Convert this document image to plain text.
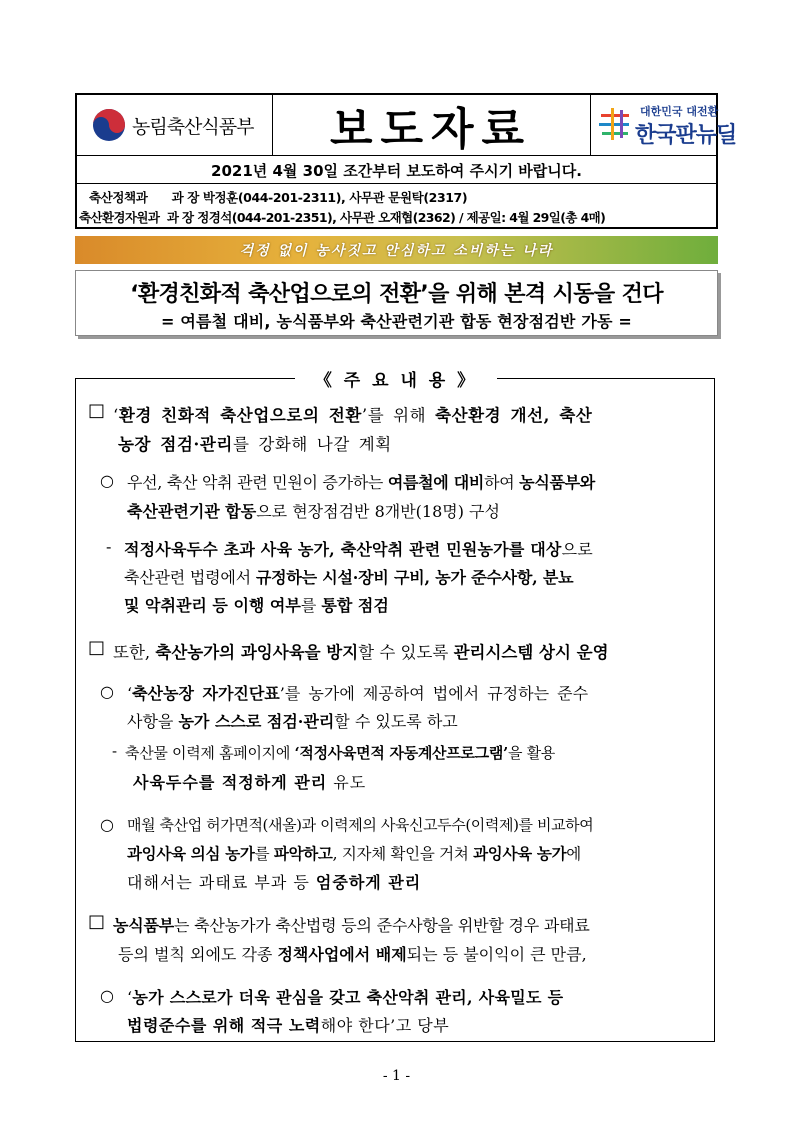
농림축산식품부 보도자료	대한민국 대전환
한국판뉴딜
2021년 4월 30일 조간부터 보도하여 주시기 바랍니다.
축산정책과　　과 장 박정훈(044-201-2311), 사무관 문원탁(2317)
축산환경자원과  과 장 정경석(044-201-2351), 사무관 오재협(2362) / 제공일: 4월 29일(총 4매)
걱정 없이 농사짓고 안심하고 소비하는 나라
‘환경친화적 축산업으로의 전환’을 위해 본격 시동을 건다
= 여름철 대비, 농식품부와 축산관련기관 합동 현장점검반 가동 =
《 주 요 내 용 》
□ ‘환경 친화적 축산업으로의 전환’를 위해 축산환경 개선, 축산
농장 점검·관리를 강화해 나갈 계획
○ 우선, 축산 악취 관련 민원이 증가하는 여름철에 대비하여 농식품부와
축산관련기관 합동으로 현장점검반 8개반(18명) 구성
- 적정사육두수 초과 사육 농가, 축산악취 관련 민원농가를 대상으로
축산관련 법령에서 규정하는 시설·장비 구비, 농가 준수사항, 분뇨
및 악취관리 등 이행 여부를 통합 점검
□ 또한, 축산농가의 과잉사육을 방지할 수 있도록 관리시스템 상시 운영
○ ‘축산농장 자가진단표’를 농가에 제공하여 법에서 규정하는 준수
사항을 농가 스스로 점검·관리할 수 있도록 하고
- 축산물 이력제 홈페이지에 ‘적정사육면적 자동계산프로그램’을 활용
사육두수를 적정하게 관리 유도
○ 매월 축산업 허가면적(새올)과 이력제의 사육신고두수(이력제)를 비교하여
과잉사육 의심 농가를 파악하고, 지자체 확인을 거쳐 과잉사육 농가에
대해서는 과태료 부과 등 엄중하게 관리
□ 농식품부는 축산농가가 축산법령 등의 준수사항을 위반할 경우 과태료
등의 벌칙 외에도 각종 정책사업에서 배제되는 등 불이익이 큰 만큼,
○ ‘농가 스스로가 더욱 관심을 갖고 축산악취 관리, 사육밀도 등
법령준수를 위해 적극 노력해야 한다’고 당부
- 1 -
